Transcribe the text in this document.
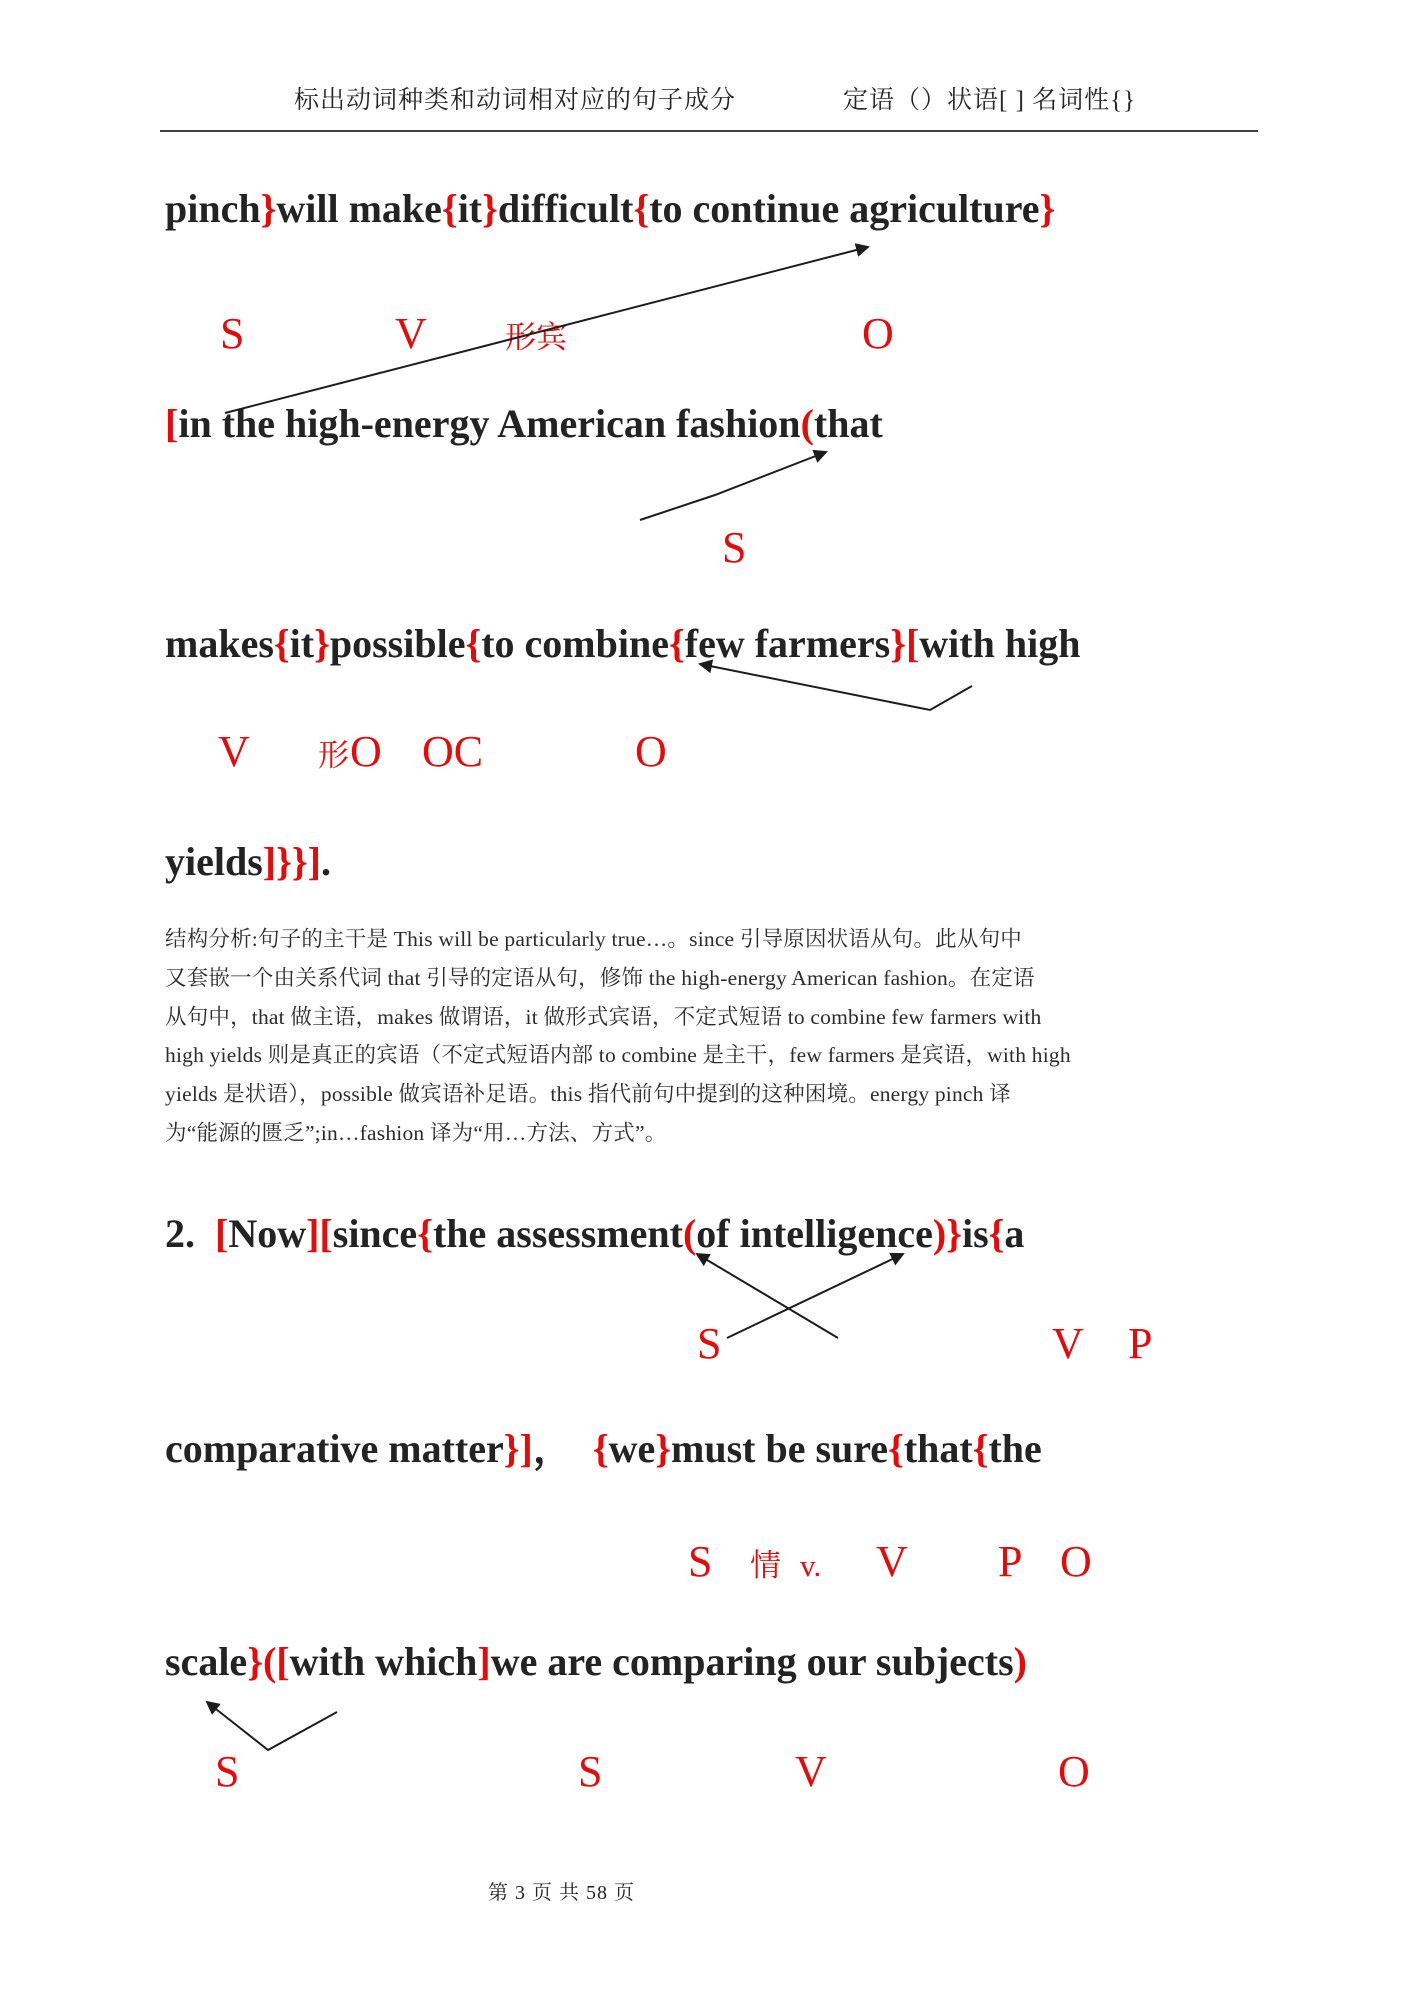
标出动词种类和动词相对应的句子成分	定语（）状语[ ] 名词性{}
pinch}will make{it}difficult{to continue agriculture}
S	V	形宾	O
[in the high-energy American fashion(that
S
makes{it}possible{to combine{few farmers}[with high
V 形 O OC	O
yields]}}].
结构分析:句子的主干是 This will be particularly true…。since 引导原因状语从句。此从句中
又套嵌一个由关系代词 that 引导的定语从句，修饰 the high-energy American fashion。在定语
从句中，that 做主语，makes 做谓语，it 做形式宾语，不定式短语 to combine few farmers with
high yields 则是真正的宾语（不定式短语内部 to combine 是主干，few farmers 是宾语，with high
yields 是状语），possible 做宾语补足语。this 指代前句中提到的这种困境。energy pinch 译
为“能源的匮乏”;in…fashion 译为“用…方法、方式”。
2.  [Now][since{the assessment(of intelligence)}is{a
S	V P
comparative matter}]，  {we}must be sure{that{the
S 情 v. V P O
scale}([with which]we are comparing our subjects)
S	S	V	O
第 3 页 共 58 页
